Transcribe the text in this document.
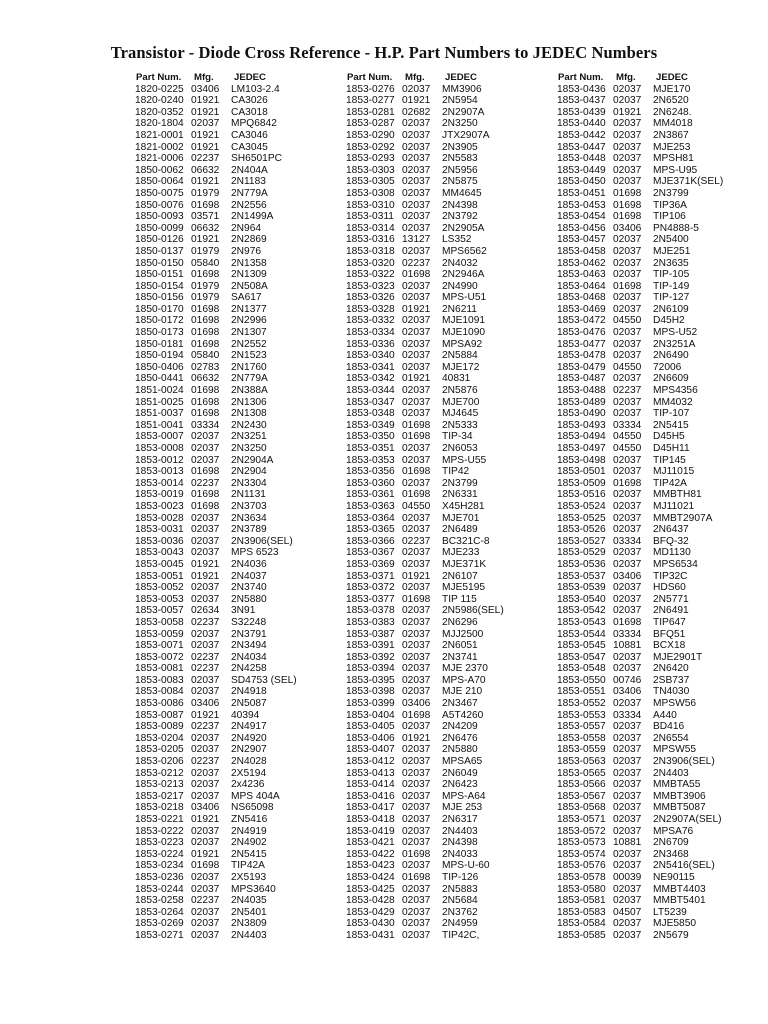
Transistor - Diode Cross Reference - H.P. Part Numbers to JEDEC Numbers
Part Num. Mfg. JEDEC
1820-0225 03406 LM103-2.4
1820-0240 01921 CA3026
1820-0352 01921 CA3018
1820-1804 02037 MPQ6842
1821-0001 01921 CA3046
1821-0002 01921 CA3045
1821-0006 02237 SH6501PC
1850-0062 06632 2N404A
1850-0064 01921 2N1183
1850-0075 01979 2N779A
1850-0076 01698 2N2556
1850-0093 03571 2N1499A
1850-0099 06632 2N964
1850-0126 01921 2N2869
1850-0137 01979 2N976
1850-0150 05840 2N1358
1850-0151 01698 2N1309
1850-0154 01979 2N508A
1850-0156 01979 SA617
1850-0170 01698 2N1377
1850-0172 01698 2N2996
1850-0173 01698 2N1307
1850-0181 01698 2N2552
1850-0194 05840 2N1523
1850-0406 02783 2N1760
1850-0441 06632 2N779A
1851-0024 01698 2N388A
1851-0025 01698 2N1306
1851-0037 01698 2N1308
1851-0041 03334 2N2430
1853-0007 02037 2N3251
1853-0008 02037 2N3250
1853-0012 02037 2N2904A
1853-0013 01698 2N2904
1853-0014 02237 2N3304
1853-0019 01698 2N1131
1853-0023 01698 2N3703
1853-0028 02037 2N3634
1853-0031 02037 2N3789
1853-0036 02037 2N3906(SEL)
1853-0043 02037 MPS 6523
1853-0045 01921 2N4036
1853-0051 01921 2N4037
1853-0052 02037 2N3740
1853-0053 02037 2N5880
1853-0057 02634 3N91
1853-0058 02237 S32248
1853-0059 02037 2N3791
1853-0071 02037 2N3494
1853-0072 02237 2N4034
1853-0081 02237 2N4258
1853-0083 02037 SD4753 (SEL)
1853-0084 02037 2N4918
1853-0086 03406 2N5087
1853-0087 01921 40394
1853-0089 02237 2N4917
1853-0204 02037 2N4920
1853-0205 02037 2N2907
1853-0206 02237 2N4028
1853-0212 02037 2X5194
1853-0213 02037 2x4236
1853-0217 02037 MPS 404A
1853-0218 03406 NS65098
1853-0221 01921 ZN5416
1853-0222 02037 2N4919
1853-0223 02037 2N4902
1853-0224 01921 2N5415
1853-0234 01698 TIP42A
1853-0236 02037 2X5193
1853-0244 02037 MPS3640
1853-0258 02237 2N4035
1853-0264 02037 2N5401
1853-0269 02037 2N3809
1853-0271 02037 2N4403
Part Num. Mfg. JEDEC
1853-0276 02037 MM3906
1853-0277 01921 2N5954
1853-0281 02682 2N2907A
1853-0287 02037 2N3250
1853-0290 02037 JTX2907A
1853-0292 02037 2N3905
1853-0293 02037 2N5583
1853-0303 02037 2N5956
1853-0305 02037 2N5875
1853-0308 02037 MM4645
1853-0310 02037 2N4398
1853-0311 02037 2N3792
1853-0314 02037 2N2905A
1853-0316 13127 LS352
1853-0318 02037 MPS6562
1853-0320 02237 2N4032
1853-0322 01698 2N2946A
1853-0323 02037 2N4990
1853-0326 02037 MPS-U51
1853-0328 01921 2N6211
1853-0332 02037 MJE1091
1853-0334 02037 MJE1090
1853-0336 02037 MPSA92
1853-0340 02037 2N5884
1853-0341 02037 MJE172
1853-0342 01921 40831
1853-0344 02037 2N5876
1853-0347 02037 MJE700
1853-0348 02037 MJ4645
1853-0349 01698 2N5333
1853-0350 01698 TIP-34
1853-0351 02037 2N6053
1853-0353 02037 MPS-U55
1853-0356 01698 TIP42
1853-0360 02037 2N3799
1853-0361 01698 2N6331
1853-0363 04550 X45H281
1853-0364 02037 MJE701
1853-0365 02037 2N6489
1853-0366 02237 BC321C-8
1853-0367 02037 MJE233
1853-0369 02037 MJE371K
1853-0371 01921 2N6107
1853-0372 02037 MJE5195
1853-0377 01698 TIP 115
1853-0378 02037 2N5986(SEL)
1853-0383 02037 2N6296
1853-0387 02037 MJJ2500
1853-0391 02037 2N6051
1853-0392 02037 2N3741
1853-0394 02037 MJE 2370
1853-0395 02037 MPS-A70
1853-0398 02037 MJE 210
1853-0399 03406 2N3467
1853-0404 01698 A5T4260
1853-0405 02037 2N4209
1853-0406 01921 2N6476
1853-0407 02037 2N5880
1853-0412 02037 MPSA65
1853-0413 02037 2N6049
1853-0414 02037 2N6423
1853-0416 02037 MPS-A64
1853-0417 02037 MJE 253
1853-0418 02037 2N6317
1853-0419 02037 2N4403
1853-0421 02037 2N4398
1853-0422 01698 2N4033
1853-0423 02037 MPS-U-60
1853-0424 01698 TIP-126
1853-0425 02037 2N5883
1853-0428 02037 2N5684
1853-0429 02037 2N3762
1853-0430 02037 2N4959
1853-0431 02037 TIP42C,
Part Num. Mfg. JEDEC
1853-0436 02037 MJE170
1853-0437 02037 2N6520
1853-0439 01921 2N6248.
1853-0440 02037 MM4018
1853-0442 02037 2N3867
1853-0447 02037 MJE253
1853-0448 02037 MPSH81
1853-0449 02037 MPS-U95
1853-0450 02037 MJE371K(SEL)
1853-0451 01698 2N3799
1853-0453 01698 TIP36A
1853-0454 01698 TIP106
1853-0456 03406 PN4888-5
1853-0457 02037 2N5400
1853-0458 02037 MJE251
1853-0462 02037 2N3635
1853-0463 02037 TIP-105
1853-0464 01698 TIP-149
1853-0468 02037 TIP-127
1853-0469 02037 2N6109
1853-0472 04550 D45H2
1853-0476 02037 MPS-U52
1853-0477 02037 2N3251A
1853-0478 02037 2N6490
1853-0479 04550 72006
1853-0487 02037 2N6609
1853-0488 02237 MPS4356
1853-0489 02037 MM4032
1853-0490 02037 TIP-107
1853-0493 03334 2N5415
1853-0494 04550 D45H5
1853-0497 04550 D45H11
1853-0498 02037 TIP145
1853-0501 02037 MJ11015
1853-0509 01698 TIP42A
1853-0516 02037 MMBTH81
1853-0524 02037 MJ11021
1853-0525 02037 MMBT2907A
1853-0526 02037 2N6437
1853-0527 03334 BFQ-32
1853-0529 02037 MD1130
1853-0536 02037 MPS6534
1853-0537 03406 TIP32C
1853-0539 02037 HDS60
1853-0540 02037 2N5771
1853-0542 02037 2N6491
1853-0543 01698 TIP647
1853-0544 03334 BFQ51
1853-0545 10881 BCX18
1853-0547 02037 MJE2901T
1853-0548 02037 2N6420
1853-0550 00746 2SB737
1853-0551 03406 TN4030
1853-0552 02037 MPSW56
1853-0553 03334 A440
1853-0557 02037 BD416
1853-0558 02037 2N6554
1853-0559 02037 MPSW55
1853-0563 02037 2N3906(SEL)
1853-0565 02037 2N4403
1853-0566 02037 MMBTA55
1853-0567 02037 MMBT3906
1853-0568 02037 MMBT5087
1853-0571 02037 2N2907A(SEL)
1853-0572 02037 MPSA76
1853-0573 10881 2N6709
1853-0574 02037 2N3468
1853-0576 02037 2N5416(SEL)
1853-0578 00039 NE90115
1853-0580 02037 MMBT4403
1853-0581 02037 MMBT5401
1853-0583 04507 LT5239
1853-0584 02037 MJE5850
1853-0585 02037 2N5679
